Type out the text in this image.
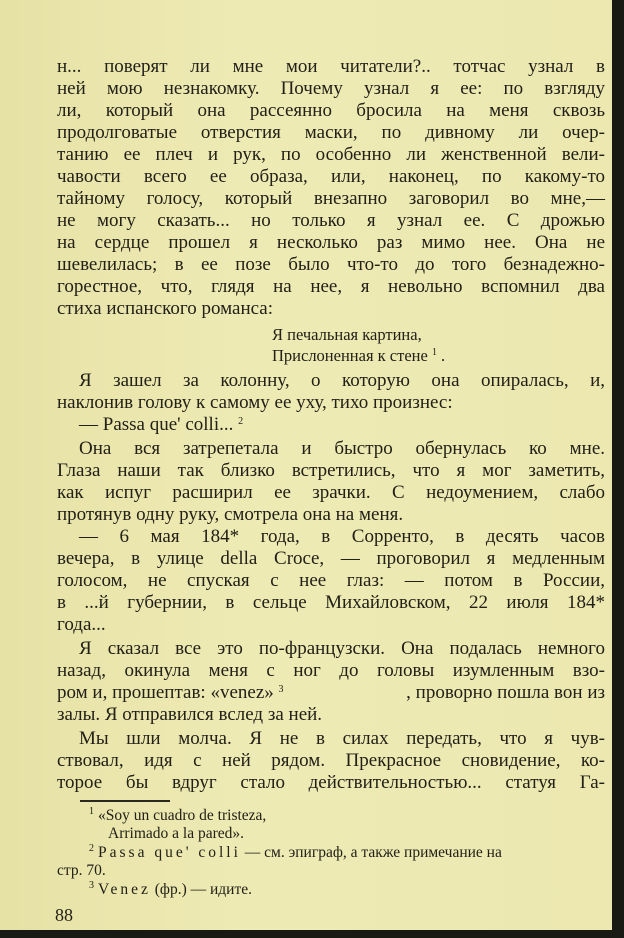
н... поверят ли мне мои читатели?.. тотчас узнал в
ней мою незнакомку. Почему узнал я ее: по взгляду
ли, который она рассеянно бросила на меня сквозь
продолговатые отверстия маски, по дивному ли очер-
танию ее плеч и рук, по особенно ли женственной вели-
чавости всего ее образа, или, наконец, по какому-то
тайному голосу, который внезапно заговорил во мне,—
не могу сказать... но только я узнал ее. С дрожью
на сердце прошел я несколько раз мимо нее. Она не
шевелилась; в ее позе было что-то до того безнадежно-
горестное, что, глядя на нее, я невольно вспомнил два
стиха испанского романса:
Я печальная картина,
Прислоненная к стене $^1$ .
Я зашел за колонну, о которую она опиралась, и,
наклонив голову к самому ее уху, тихо произнес:
— Passa que' colli... $^2$
Она вся затрепетала и быстро обернулась ко мне.
Глаза наши так близко встретились, что я мог заметить,
как испуг расширил ее зрачки. С недоумением, слабо
протянув одну руку, смотрела она на меня.
— 6 мая 184* года, в Сорренто, в десять часов
вечера, в улице della Croce, — проговорил я медленным
голосом, не спуская с нее глаз: — потом в России,
в ...й губернии, в сельце Михайловском, 22 июля 184*
года...
Я сказал все это по-французски. Она подалась немного
назад, окинула меня с ног до головы изумленным взо-
ром и, прошептав: «venez» $^3$	, проворно пошла вон из
залы. Я отправился вслед за ней.
Мы шли молча. Я не в силах передать, что я чув-
ствовал, идя с ней рядом. Прекрасное сновидение, ко-
торое бы вдруг стало действительностью... статуя Га-
$^1$ «Soy un cuadro de tristeza,
Arrimado a la pared».
$^2$ Passa que' colli — см. эпиграф, а также примечание на
стр. 70.
$^3$ Venez (фр.) — идите.
88
